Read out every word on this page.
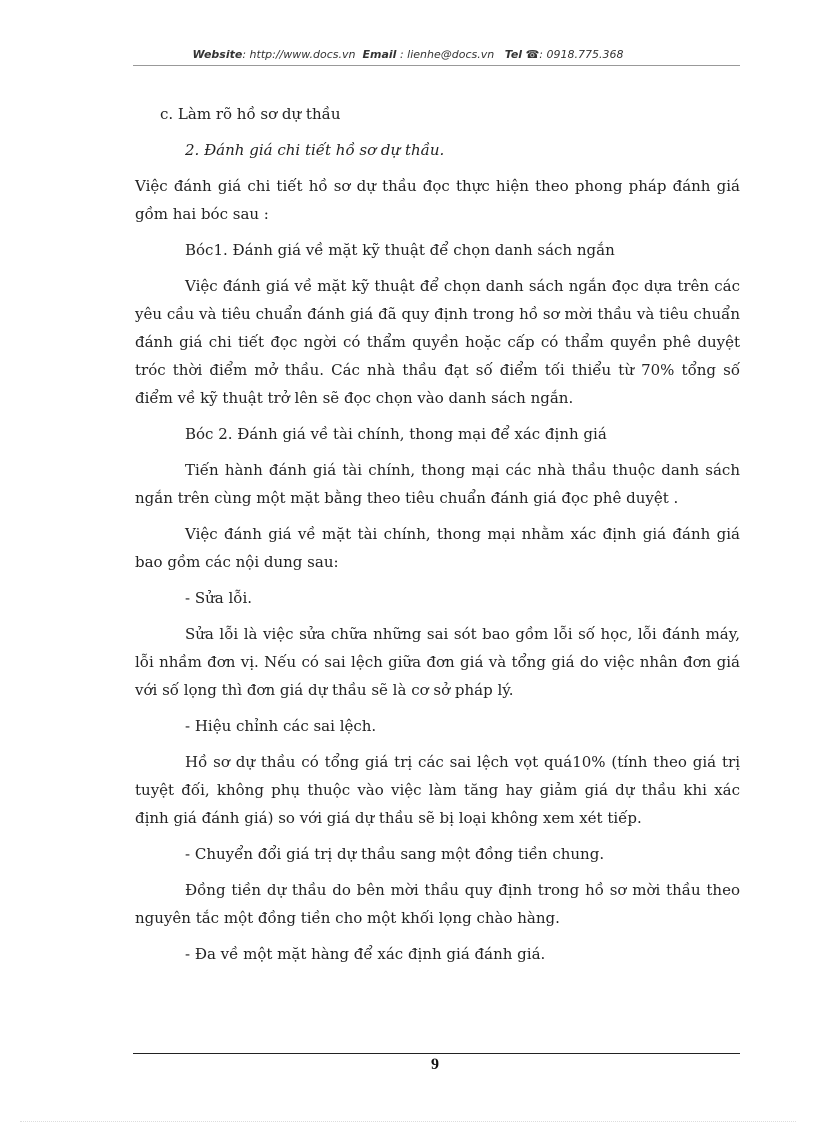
Website: http://www.docs.vn Email : lienhe@docs.vn Tel ☎: 0918.775.368

c. Làm rõ hồ sơ dự thầu

2. Đánh giá chi tiết hồ sơ dự thầu.

Việc đánh giá chi tiết hồ sơ dự thầu đọc thực hiện theo phong pháp đánh giá gồm hai bóc sau :

Bóc1. Đánh giá về mặt kỹ thuật để chọn danh sách ngắn

Việc đánh giá về mặt kỹ thuật để chọn danh sách ngắn đọc dựa trên các yêu cầu và tiêu chuẩn đánh giá đã quy định trong hồ sơ mời thầu và tiêu chuẩn đánh giá chi tiết đọc ngời có thẩm quyền hoặc cấp có thẩm quyền phê duyệt tróc thời điểm mở thầu. Các nhà thầu đạt số điểm tối thiểu từ 70% tổng số điểm về kỹ thuật trở lên sẽ đọc chọn vào danh sách ngắn.

Bóc 2. Đánh giá về tài chính, thong mại để xác định giá

Tiến hành đánh giá tài chính, thong mại các nhà thầu thuộc danh sách ngắn trên cùng một mặt bằng theo tiêu chuẩn đánh giá đọc phê duyệt .

Việc đánh giá về mặt tài chính, thong mại nhằm xác định giá đánh giá bao gồm các nội dung sau:

- Sửa lỗi.

Sửa lỗi là việc sửa chữa những sai sót bao gồm lỗi số học, lỗi đánh máy, lỗi nhầm đơn vị. Nếu có sai lệch giữa đơn giá và tổng giá do việc nhân đơn giá với số lọng thì đơn giá dự thầu sẽ là cơ sở pháp lý.

- Hiệu chỉnh các sai lệch.

Hồ sơ dự thầu có tổng giá trị các sai lệch vọt quá10% (tính theo giá trị tuyệt đối, không phụ thuộc vào việc làm tăng hay giảm giá dự thầu khi xác định giá đánh giá) so với giá dự thầu sẽ bị loại không xem xét tiếp.

- Chuyển đổi giá trị dự thầu sang một đồng tiền chung.

Đồng tiền dự thầu do bên mời thầu quy định trong hồ sơ mời thầu theo nguyên tắc một đồng tiền cho một khối lọng chào hàng.

- Đa về một mặt hàng để xác định giá đánh giá.

9
